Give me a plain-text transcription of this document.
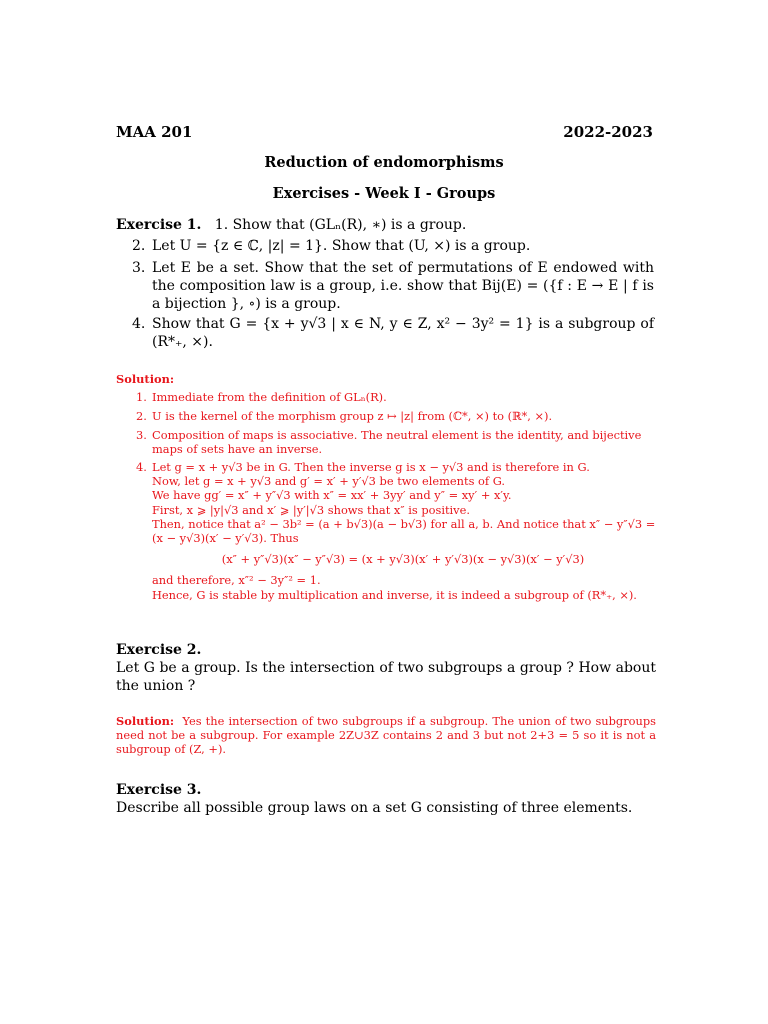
MAA 201	2022-2023
Reduction of endomorphisms
Exercises - Week I - Groups
Exercise 1. 1. Show that (GLₙ(R), ∗) is a group.

2. Let U = {z ∈ ℂ, |z| = 1}. Show that (U, ×) is a group.

3. Let E be a set. Show that the set of permutations of E endowed with the composition law is a group, i.e. show that Bij(E) = ({f : E → E | f is a bijection }, ∘) is a group.

4. Show that G = {x + y√3 | x ∈ N, y ∈ Z, x² − 3y² = 1} is a subgroup of (R*₊, ×).

Solution:

1. Immediate from the definition of GLₙ(R).

2. U is the kernel of the morphism group z ↦ |z| from (ℂ*, ×) to (ℝ*, ×).

3. Composition of maps is associative. The neutral element is the identity, and bijective maps of sets have an inverse.

4. Let g = x + y√3 be in G. Then the inverse g is x − y√3 and is therefore in G.
Now, let g = x + y√3 and g′ = x′ + y′√3 be two elements of G.
We have gg′ = x″ + y″√3 with x″ = xx′ + 3yy′ and y″ = xy′ + x′y.
First, x ⩾ |y|√3 and x′ ⩾ |y′|√3 shows that x″ is positive.
Then, notice that a² − 3b² = (a + b√3)(a − b√3) for all a, b. And notice that x″ − y″√3 =
(x − y√3)(x′ − y′√3). Thus
(x″ + y″√3)(x″ − y″√3) = (x + y√3)(x′ + y′√3)(x − y√3)(x′ − y′√3)
and therefore, x″² − 3y″² = 1.
Hence, G is stable by multiplication and inverse, it is indeed a subgroup of (R*₊, ×).
Exercise 2.
Let G be a group. Is the intersection of two subgroups a group ? How about the union ?
Solution: Yes the intersection of two subgroups if a subgroup. The union of two subgroups need not be a subgroup. For example 2Z∪3Z contains 2 and 3 but not 2+3 = 5 so it is not a subgroup of (Z, +).
Exercise 3.
Describe all possible group laws on a set G consisting of three elements.
